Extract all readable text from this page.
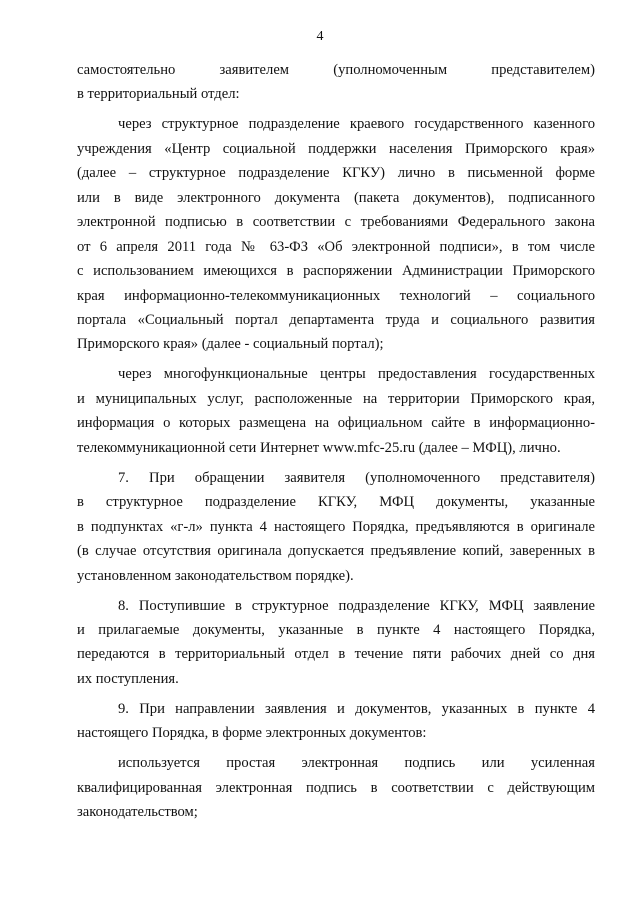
4
самостоятельно заявителем (уполномоченным представителем)
в территориальный отдел:
через структурное подразделение краевого государственного казенного
учреждения «Центр социальной поддержки населения Приморского края»
(далее – структурное подразделение КГКУ) лично в письменной форме
или в виде электронного документа (пакета документов), подписанного
электронной подписью в соответствии с требованиями Федерального закона
от 6 апреля 2011 года № 63-ФЗ «Об электронной подписи», в том числе
с использованием имеющихся в распоряжении Администрации Приморского
края информационно-телекоммуникационных технологий – социального
портала «Социальный портал департамента труда и социального развития
Приморского края» (далее - социальный портал);
через многофункциональные центры предоставления государственных
и муниципальных услуг, расположенные на территории Приморского края,
информация о которых размещена на официальном сайте в информационно-
телекоммуникационной сети Интернет www.mfc-25.ru (далее – МФЦ), лично.
7. При обращении заявителя (уполномоченного представителя)
в структурное подразделение КГКУ, МФЦ документы, указанные
в подпунктах «г-л» пункта 4 настоящего Порядка, предъявляются в оригинале
(в случае отсутствия оригинала допускается предъявление копий, заверенных в
установленном законодательством порядке).
8. Поступившие в структурное подразделение КГКУ, МФЦ заявление
и прилагаемые документы, указанные в пункте 4 настоящего Порядка,
передаются в территориальный отдел в течение пяти рабочих дней со дня
их поступления.
9. При направлении заявления и документов, указанных в пункте 4
настоящего Порядка, в форме электронных документов:
используется простая электронная подпись или усиленная
квалифицированная электронная подпись в соответствии с действующим
законодательством;
